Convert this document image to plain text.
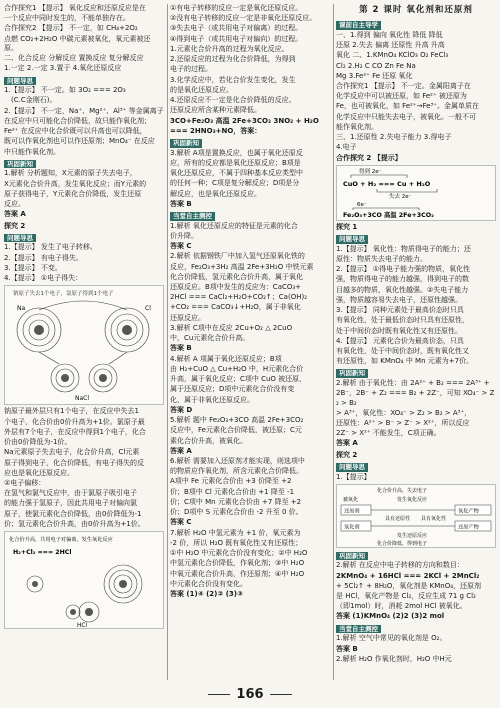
合作探究1 【提示】 氧化反应和还原反应是在

一个反应中同时发生的，不能单独存在。

合作探究2 【提示】 不一定，如 CH₄+2O₂

点燃 CO₂+2H₂O 中碳元素被氧化，氧元素被还原。

二、化合反应 分解反应 置换反应 复分解反应

1.一定 2.一定 3.置于 4.氧化还原反应

问题导思

1.【提示】 不一定。如 3O₂ === 2O₃

(C.C金刚石)。

2.【提示】 不一定，Na⁺、Mg²⁺、Al³⁺ 等金属离子

在反应中只可能化合价降低，故只能作氧化剂；

Fe²⁺ 在反应中化合价既可以升高也可以降低，

既可以作氧化剂也可以作还原剂；MnO₄⁻ 在反应

中只能作氧化剂。

巩固新知

1.解析 分析题知，X元素的原子失去电子，

X元素化合价升高，发生氧化反应；而Y元素的

原子获得电子，Y元素化合价降低，发生还原

反应。

答案 A

探究 2
问题导思

1.【提示】 发生了电子转移。

2.【提示】 有电子得失。

3.【提示】 不变。

4.【提示】 ①电子得失：

钠原子失去1个电子，氯原子得到1个电子
Na	Cl
NaCl

钠原子最外层只有1个电子，在反应中失去1

个电子，化合价由0价升高为+1价。氯原子最

外层有7个电子，在反应中得到1个电子，化合

价由0价降低为-1价。

Na元素原子失去电子，化合价升高，Cl元素

原子得到电子，化合价降低，有电子得失的反

应也是氧化还原反应。

②电子偏移：

在氢气和氯气反应中，由于氯原子吸引电子

的能力强于氢原子，因此共用电子对偏向氯

原子，使氯元素化合价降低，由0价降低为-1

价；氢元素化合价升高，由0价升高为+1价。

化合价升高，共用电子对偏离，发生氧化反应
H₂+Cl₂ === 2HCl
HCl

①有电子转移的反应一定是氧化还原反应。

②没有电子转移的反应一定是非氧化还原反应。

③失去电子（或共用电子对偏离）的过程。

④得到电子（或共用电子对偏向）的过程。

1.元素化合价升高的过程为氧化反应。

2.还原反应的过程为化合价降低，为得到

电子的过程。

3.化学反应中，若化合价发生变化，发生

的是氧化还原反应。

4.还原反应不一定是化合价降低的反应。

还原反应所含某种元素降低。

3CO+Fe₂O₃ 高温 2Fe+3CO₂ 3NO₂ + H₂O

=== 2HNO₃+NO，答案：

巩固新知

3.解析 A项是置换反应，也属于氧化还原反

应，所有的反应都是氧化还原反应；B项是

氧化还原反应，不属于四种基本反应类型中

的任何一种；C项是复分解反应；D项是分

解反应，也是氧化还原反应。

答案 B

当堂自主测控

1.解析 氧化还原反应的特征是元素的化合

价升降。

答案 C

2.解析 依据钢铁厂中加入氢气还原氧化铁的

反应，Fe₂O₃+3H₂ 高温 2Fe+3H₂O 中铁元素

化合价降低，氢元素化合价升高，属于氧化

还原反应。B项中发生的反应为：CaCO₃+

2HCl === CaCl₂+H₂O+CO₂↑；Ca(OH)₂

+CO₂ === CaCO₃↓+H₂O，属于非氧化

还原反应。

3.解析 C项中在反应 2Cu+O₂ △ 2CuO

中，Cu元素化合价升高。

答案 B

4.解析 A 项属于氧化还原反应；B项

由 H₂+CuO △ Cu+H₂O 中，H元素化合价

升高，属于氧化反应；C项中 CuO 被还原，

属于还原反应；D项中元素化合价没有变

化，属于非氧化还原反应。

答案 D

5.解析 题中 Fe₂O₃+3CO 高温 2Fe+3CO₂

反应中，Fe元素化合价降低，被还原；C元

素化合价升高，被氧化。

答案 A

6.解析 需要加入还原剂才能实现，则选项中

的物质应作氧化剂，所含元素化合价降低。

A项中 Fe 元素化合价由 +3 价降至 +2

价；B项中 Cl 元素化合价由 +1 降至 -1

价；C项中 Mn 元素化合价由 +7 降至 +2

价；D项中 S 元素化合价由 -2 升至 0 价。

答案 C

7.解析 H₂O 中氢元素为 +1 价，氧元素为

-2 价，所以 H₂O 既有氧化性又有还原性；

①中 H₂O 中元素化合价没有变化；②中 H₂O

中氢元素化合价降低，作氧化剂；③中 H₂O

中氧元素化合价升高，作还原剂；④中 H₂O

中元素化合价没有变化。

答案 (1)④ (2)② (3)③

第 2 课时 氧化剂和还原剂
课前自主导学

一、1.得到 偏向 氧化性 降低 降低

还原 2.失去 偏离 还原性 升高 升高

氧化 二、1.KMnO₄ KClO₃ O₂ FeCl₃

Cl₂ 2.H₂ C CO Zn Fe Na

Mg 3.Fe²⁺ Fe 还原 氧化

合作探究1 【提示】 不一定。金属阳离子在

化学反应中可以被还原，如 Fe²⁺ 被还原为

Fe，也可被氧化，如 Fe²⁺→Fe³⁺。金属单质在

化学反应中只能失去电子，被氧化。一般不可

能作氧化剂。

三、1.还原性 2.失电子能力 3.得电子

4.电子

合作探究 2 【提示】

得到 2e⁻
CuO + H₂ === Cu + H₂O
失去 2e⁻
6e⁻
Fe₂O₃+3CO 高温 2Fe+3CO₂
探究 1
问题导思

1.【提示】 氧化性：物质得电子的能力；还

原性：物质失去电子的能力。

2.【提示】 ①得电子能力强的物质，氧化性

强，物质得电子的能力越强，得到电子的数

目越多的物质，氧化性越强。②失电子能力

强，物质越容易失去电子，还原性越强。

3.【提示】 同种元素处于最高价态时只具

有氧化性，处于最低价态时只具有还原性，

处于中间价态时既有氧化性又有还原性。

4.【提示】 元素化合价为最高价态，只具

有氧化性，处于中间价态时，既有氧化性又

有还原性，如 KMnO₄ 中 Mn 元素为+7价。

巩固新知

2.解析 由于氧化性：由 2A²⁺ + B₂ === 2A³⁺ +

2B⁻，2B⁻ + Z₂ === B₂ + 2Z⁻，可知 XO₄⁻ > Z₂ > B₂

> A³⁺，氧化性：XO₄⁻ > Z₂ > B₂ > A³⁺，

还原性：A²⁺ > B⁻ > Z⁻ > X²⁺，所以反应

2Z⁻ > X²⁺ 不能发生，C项正确。

答案 A

探究 2
问题导思

1.【提示】

化合价升高、失去电子
被氧化	发生氧化反应
还原剂
氧化剂
氧化产物
还原产物
具有还原性 具有氧化性
发生还原反应
化合价降低、得到电子
巩固新知

2.解析 在反应中电子转移的方向和数目：

2KMnO₄ + 16HCl === 2KCl + 2MnCl₂

+ 5Cl₂↑ + 8H₂O，氧化剂是 KMnO₄，还原剂

是 HCl，氧化产物是 Cl₂，反应生成 71 g Cl₂

（即1mol）时，消耗 2mol HCl 被氧化。

答案 (1)KMnO₄ (2)2 (3)2 mol

当堂自主测控

1.解析 空气中常见的氧化剂是 O₂。

答案 B

2.解析 H₂O 作氧化剂时，H₂O 中H元

166
